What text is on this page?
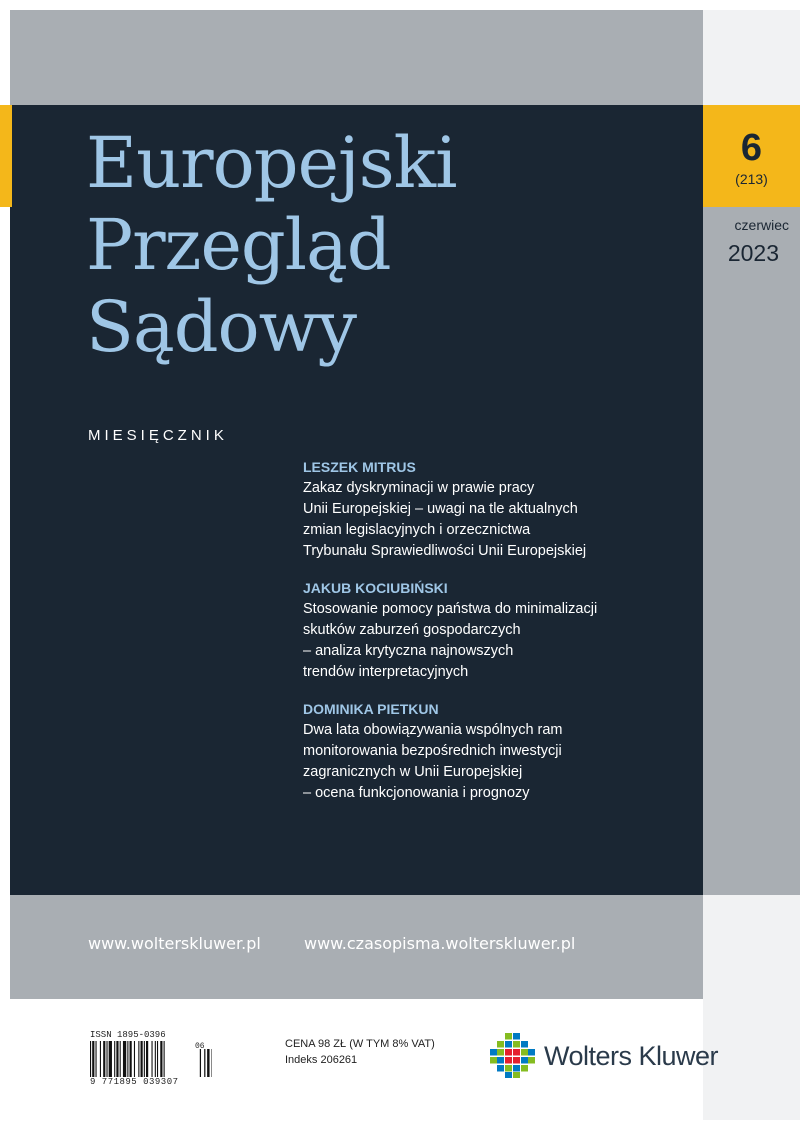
Europejski
Przegląd
Sądowy
MIESIĘCZNIK
6
(213)
czerwiec
2023
LESZEK MITRUS
Zakaz dyskryminacji w prawie pracy
Unii Europejskiej – uwagi na tle aktualnych
zmian legislacyjnych i orzecznictwa
Trybunału Sprawiedliwości Unii Europejskiej
JAKUB KOCIUBIŃSKI
Stosowanie pomocy państwa do minimalizacji
skutków zaburzeń gospodarczych
– analiza krytyczna najnowszych
trendów interpretacyjnych
DOMINIKA PIETKUN
Dwa lata obowiązywania wspólnych ram
monitorowania bezpośrednich inwestycji
zagranicznych w Unii Europejskiej
– ocena funkcjonowania i prognozy
www.wolterskluwer.pl	www.czasopisma.wolterskluwer.pl
ISSN 1895-0396
06
9 771895 039307
CENA 98 ZŁ (W TYM 8% VAT)
Indeks 206261	Wolters Kluwer
